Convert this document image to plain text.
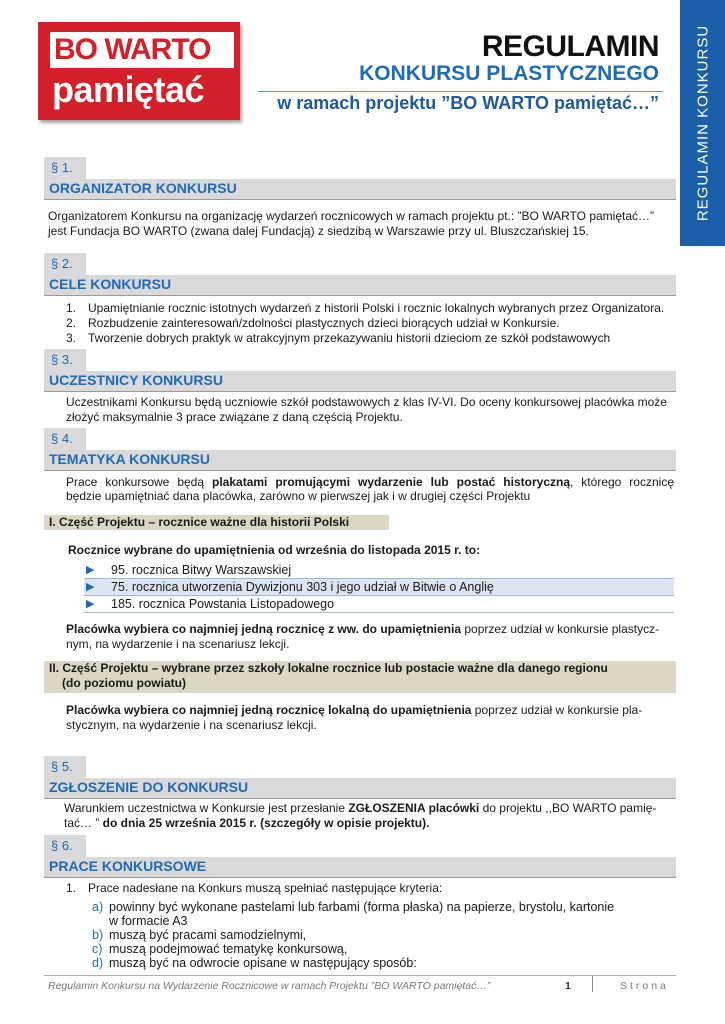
BO WARTO
pamiętać
REGULAMIN
KONKURSU PLASTYCZNEGO
w ramach projektu ”BO WARTO pamiętać…” REGULAMIN KONKURSU
§ 1.
ORGANIZATOR KONKURSU
Organizatorem Konkursu na organizację wydarzeń rocznicowych w ramach projektu pt.: ”BO WARTO pamiętać…”
jest Fundacja BO WARTO (zwana dalej Fundacją) z siedzibą w Warszawie przy ul. Bluszczańskiej 15.
§ 2.
CELE KONKURSU
1. Upamiętnianie rocznic istotnych wydarzeń z historii Polski i rocznic lokalnych wybranych przez Organizatora.
2. Rozbudzenie zainteresowań/zdolności plastycznych dzieci biorących udział w Konkursie.
3. Tworzenie dobrych praktyk w atrakcyjnym przekazywaniu historii dzieciom ze szkół podstawowych
§ 3.
UCZESTNICY KONKURSU
Uczestnikami Konkursu będą uczniowie szkół podstawowych z klas IV-VI. Do oceny konkursowej placówka może
złożyć maksymalnie 3 prace związane z daną częścią Projektu.
§ 4.
TEMATYKA KONKURSU
Prace konkursowe będą plakatami promującymi wydarzenie lub postać historyczną, którego rocznicę
będzie upamiętniać dana placówka, zarówno w pierwszej jak i w drugiej części Projektu
I. Część Projektu – rocznice ważne dla historii Polski
Rocznice wybrane do upamiętnienia od września do listopada 2015 r. to:
▶ 95. rocznica Bitwy Warszawskiej
▶ 75. rocznica utworzenia Dywizjonu 303 i jego udział w Bitwie o Anglię
▶ 185. rocznica Powstania Listopadowego
Placówka wybiera co najmniej jedną rocznicę z ww. do upamiętnienia poprzez udział w konkursie plastycz-
nym, na wydarzenie i na scenariusz lekcji.
II. Część Projektu – wybrane przez szkoły lokalne rocznice lub postacie ważne dla danego regionu
(do poziomu powiatu)
Placówka wybiera co najmniej jedną rocznicę lokalną do upamiętnienia poprzez udział w konkursie pla-
stycznym, na wydarzenie i na scenariusz lekcji.
§ 5.
ZGŁOSZENIE DO KONKURSU
Warunkiem uczestnictwa w Konkursie jest przesłanie ZGŁOSZENIA placówki do projektu ,,BO WARTO pamię-
tać… ” do dnia 25 września 2015 r. (szczegóły w opisie projektu).
§ 6.
PRACE KONKURSOWE
1. Prace nadesłane na Konkurs muszą spełniać następujące kryteria:
a) powinny być wykonane pastelami lub farbami (forma płaska) na papierze, brystolu, kartonie
w formacie A3
b) muszą być pracami samodzielnymi,
c) muszą podejmować tematykę konkursową,
d) muszą być na odwrocie opisane w następujący sposób:
Regulamin Konkursu na Wydarzenie Rocznicowe w ramach Projektu ”BO WARTO pamiętać…”	1	Strona
